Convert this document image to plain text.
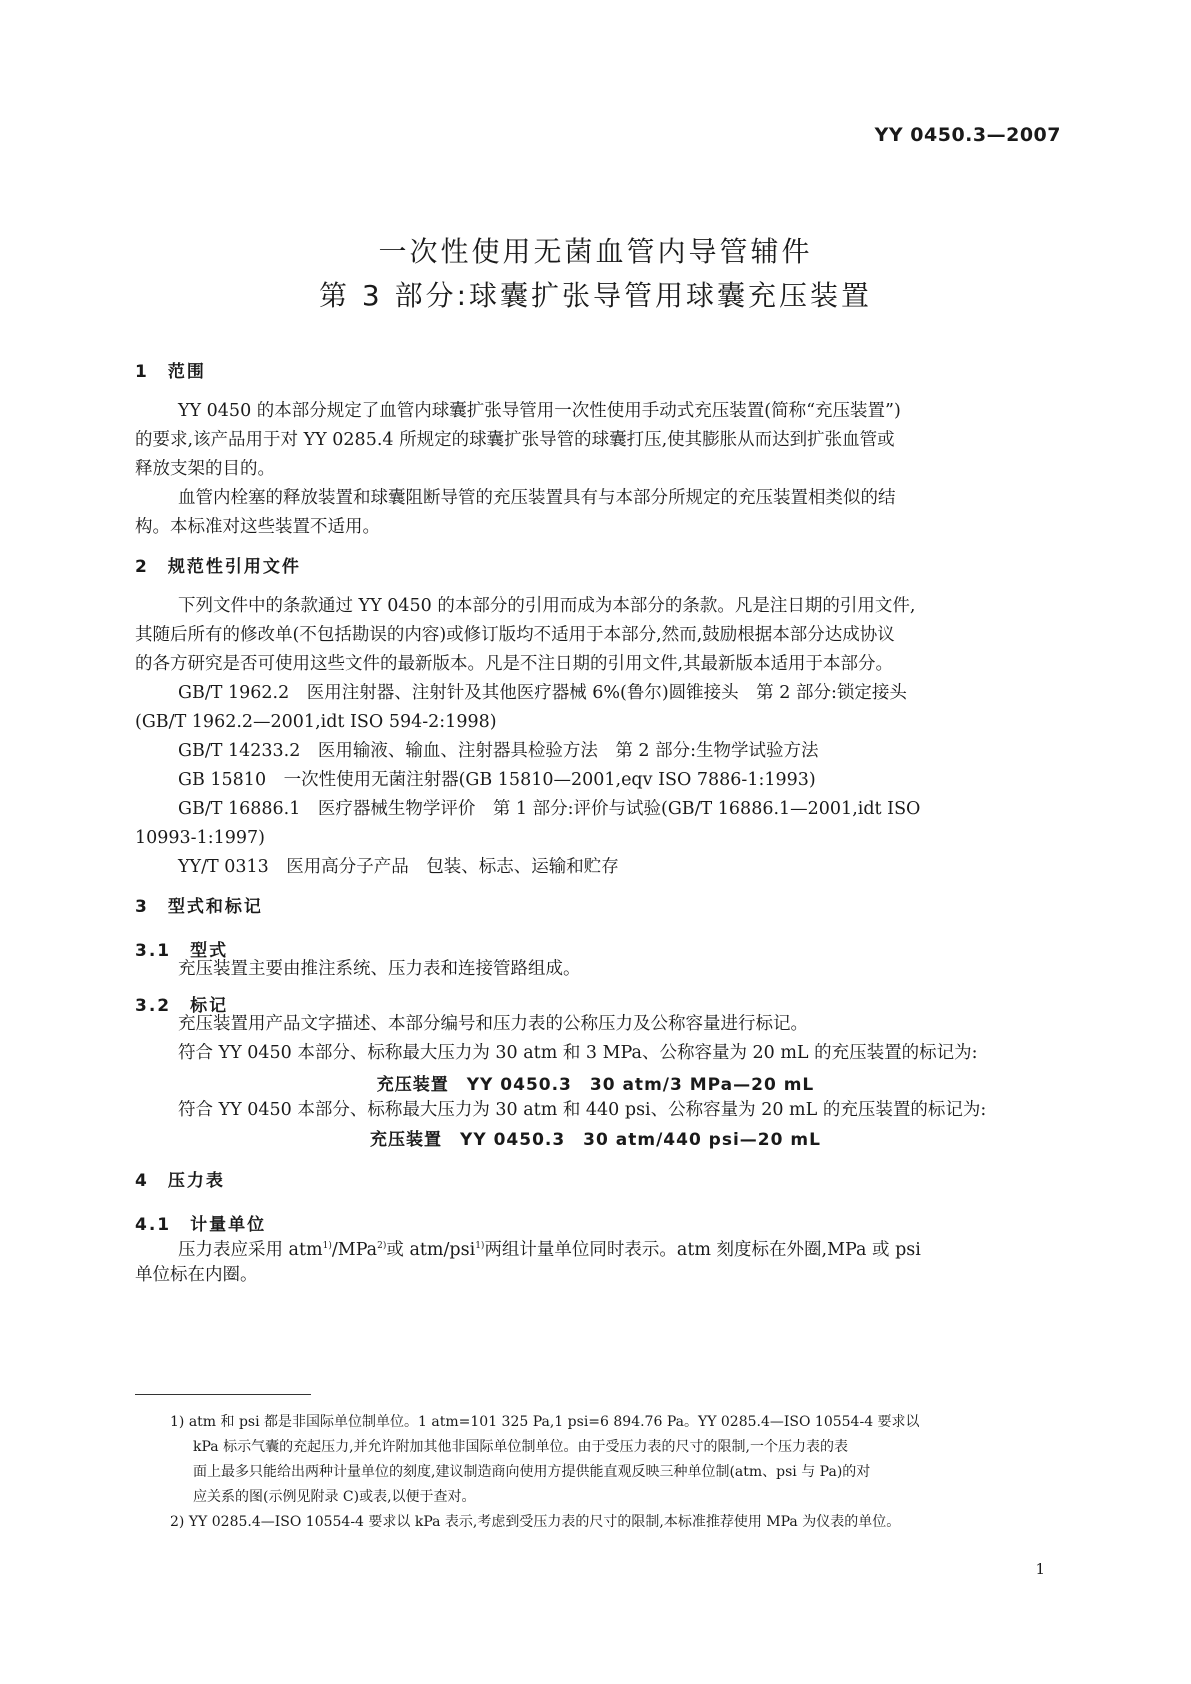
YY 0450.3—2007
一次性使用无菌血管内导管辅件
第 3 部分:球囊扩张导管用球囊充压装置
1　范围
YY 0450 的本部分规定了血管内球囊扩张导管用一次性使用手动式充压装置(简称“充压装置”)
的要求,该产品用于对 YY 0285.4 所规定的球囊扩张导管的球囊打压,使其膨胀从而达到扩张血管或
释放支架的目的。
血管内栓塞的释放装置和球囊阻断导管的充压装置具有与本部分所规定的充压装置相类似的结
构。本标准对这些装置不适用。
2　规范性引用文件
下列文件中的条款通过 YY 0450 的本部分的引用而成为本部分的条款。凡是注日期的引用文件,
其随后所有的修改单(不包括勘误的内容)或修订版均不适用于本部分,然而,鼓励根据本部分达成协议
的各方研究是否可使用这些文件的最新版本。凡是不注日期的引用文件,其最新版本适用于本部分。
GB/T 1962.2　医用注射器、注射针及其他医疗器械 6%(鲁尔)圆锥接头　第 2 部分:锁定接头
(GB/T 1962.2—2001,idt ISO 594-2:1998)
GB/T 14233.2　医用输液、输血、注射器具检验方法　第 2 部分:生物学试验方法
GB 15810　一次性使用无菌注射器(GB 15810—2001,eqv ISO 7886-1:1993)
GB/T 16886.1　医疗器械生物学评价　第 1 部分:评价与试验(GB/T 16886.1—2001,idt ISO
10993-1:1997)
YY/T 0313　医用高分子产品　包装、标志、运输和贮存
3　型式和标记
3.1　型式
充压装置主要由推注系统、压力表和连接管路组成。
3.2　标记
充压装置用产品文字描述、本部分编号和压力表的公称压力及公称容量进行标记。
符合 YY 0450 本部分、标称最大压力为 30 atm 和 3 MPa、公称容量为 20 mL 的充压装置的标记为:
充压装置　YY 0450.3　30 atm/3 MPa—20 mL
符合 YY 0450 本部分、标称最大压力为 30 atm 和 440 psi、公称容量为 20 mL 的充压装置的标记为:
充压装置　YY 0450.3　30 atm/440 psi—20 mL
4　压力表
4.1　计量单位
压力表应采用 atm$^{1)}$/MPa$^{2)}$或 atm/psi$^{1)}$两组计量单位同时表示。atm 刻度标在外圈,MPa 或 psi
单位标在内圈。
1) atm 和 psi 都是非国际单位制单位。1 atm=101 325 Pa,1 psi=6 894.76 Pa。YY 0285.4—ISO 10554-4 要求以
kPa 标示气囊的充起压力,并允许附加其他非国际单位制单位。由于受压力表的尺寸的限制,一个压力表的表
面上最多只能给出两种计量单位的刻度,建议制造商向使用方提供能直观反映三种单位制(atm、psi 与 Pa)的对
应关系的图(示例见附录 C)或表,以便于查对。
2) YY 0285.4—ISO 10554-4 要求以 kPa 表示,考虑到受压力表的尺寸的限制,本标准推荐使用 MPa 为仪表的单位。
1
